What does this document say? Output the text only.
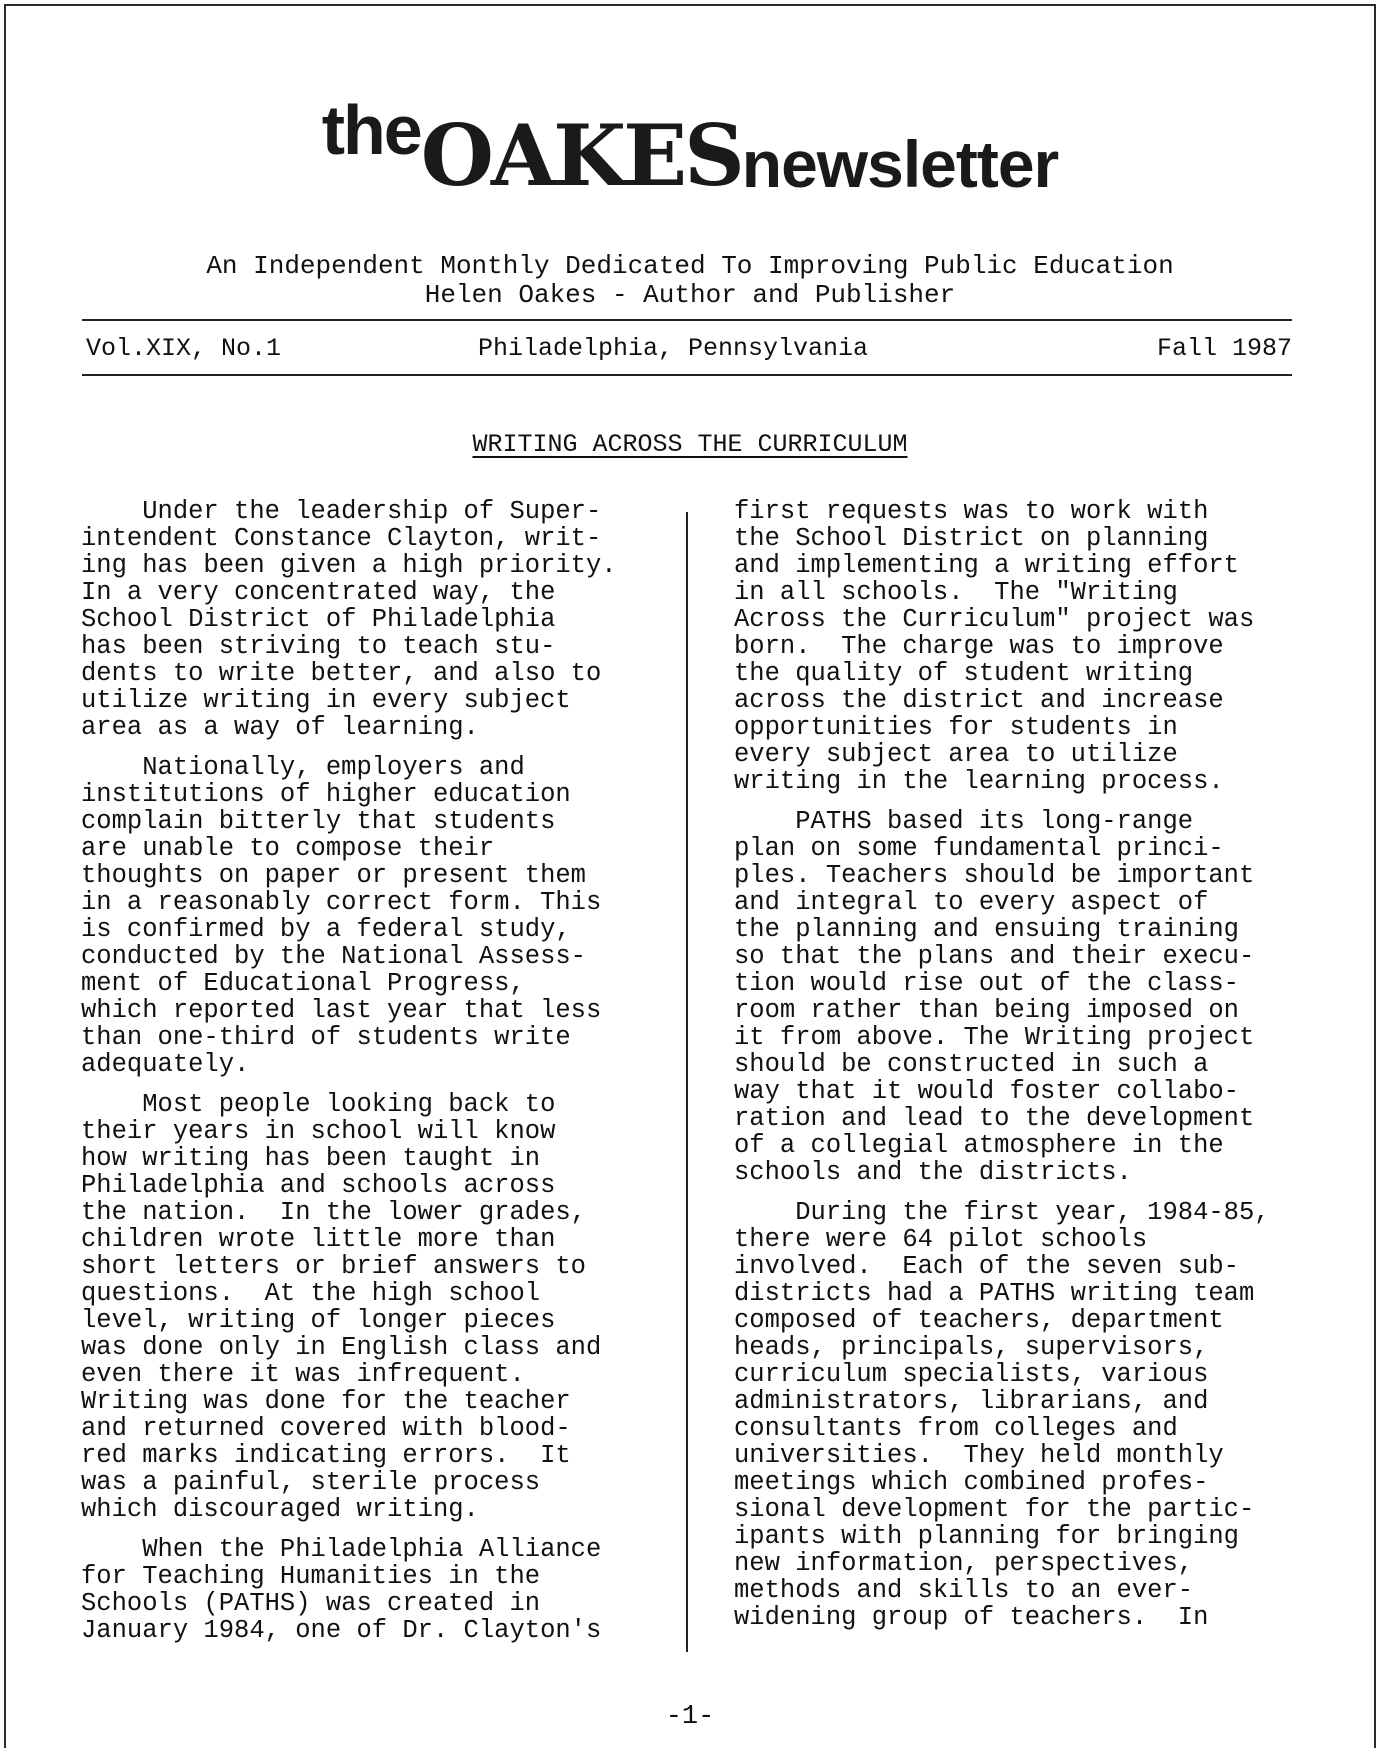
theOAKESnewsletter
An Independent Monthly Dedicated To Improving Public Education
Helen Oakes - Author and Publisher
Vol.XIX, No.1	Philadelphia, Pennsylvania	Fall 1987
WRITING ACROSS THE CURRICULUM

Under the leadership of Super-
intendent Constance Clayton, writ-
ing has been given a high priority.
In a very concentrated way, the
School District of Philadelphia
has been striving to teach stu-
dents to write better, and also to
utilize writing in every subject
area as a way of learning.

Nationally, employers and
institutions of higher education
complain bitterly that students
are unable to compose their
thoughts on paper or present them
in a reasonably correct form. This
is confirmed by a federal study,
conducted by the National Assess-
ment of Educational Progress,
which reported last year that less
than one-third of students write
adequately.

Most people looking back to
their years in school will know
how writing has been taught in
Philadelphia and schools across
the nation.  In the lower grades,
children wrote little more than
short letters or brief answers to
questions.  At the high school
level, writing of longer pieces
was done only in English class and
even there it was infrequent.
Writing was done for the teacher
and returned covered with blood-
red marks indicating errors.  It
was a painful, sterile process
which discouraged writing.

When the Philadelphia Alliance
for Teaching Humanities in the
Schools (PATHS) was created in
January 1984, one of Dr. Clayton's

first requests was to work with
the School District on planning
and implementing a writing effort
in all schools.  The "Writing
Across the Curriculum" project was
born.  The charge was to improve
the quality of student writing
across the district and increase
opportunities for students in
every subject area to utilize
writing in the learning process.

PATHS based its long-range
plan on some fundamental princi-
ples. Teachers should be important
and integral to every aspect of
the planning and ensuing training
so that the plans and their execu-
tion would rise out of the class-
room rather than being imposed on
it from above. The Writing project
should be constructed in such a
way that it would foster collabo-
ration and lead to the development
of a collegial atmosphere in the
schools and the districts.

During the first year, 1984-85,
there were 64 pilot schools
involved.  Each of the seven sub-
districts had a PATHS writing team
composed of teachers, department
heads, principals, supervisors,
curriculum specialists, various
administrators, librarians, and
consultants from colleges and
universities.  They held monthly
meetings which combined profes-
sional development for the partic-
ipants with planning for bringing
new information, perspectives,
methods and skills to an ever-
widening group of teachers.  In

-1-
